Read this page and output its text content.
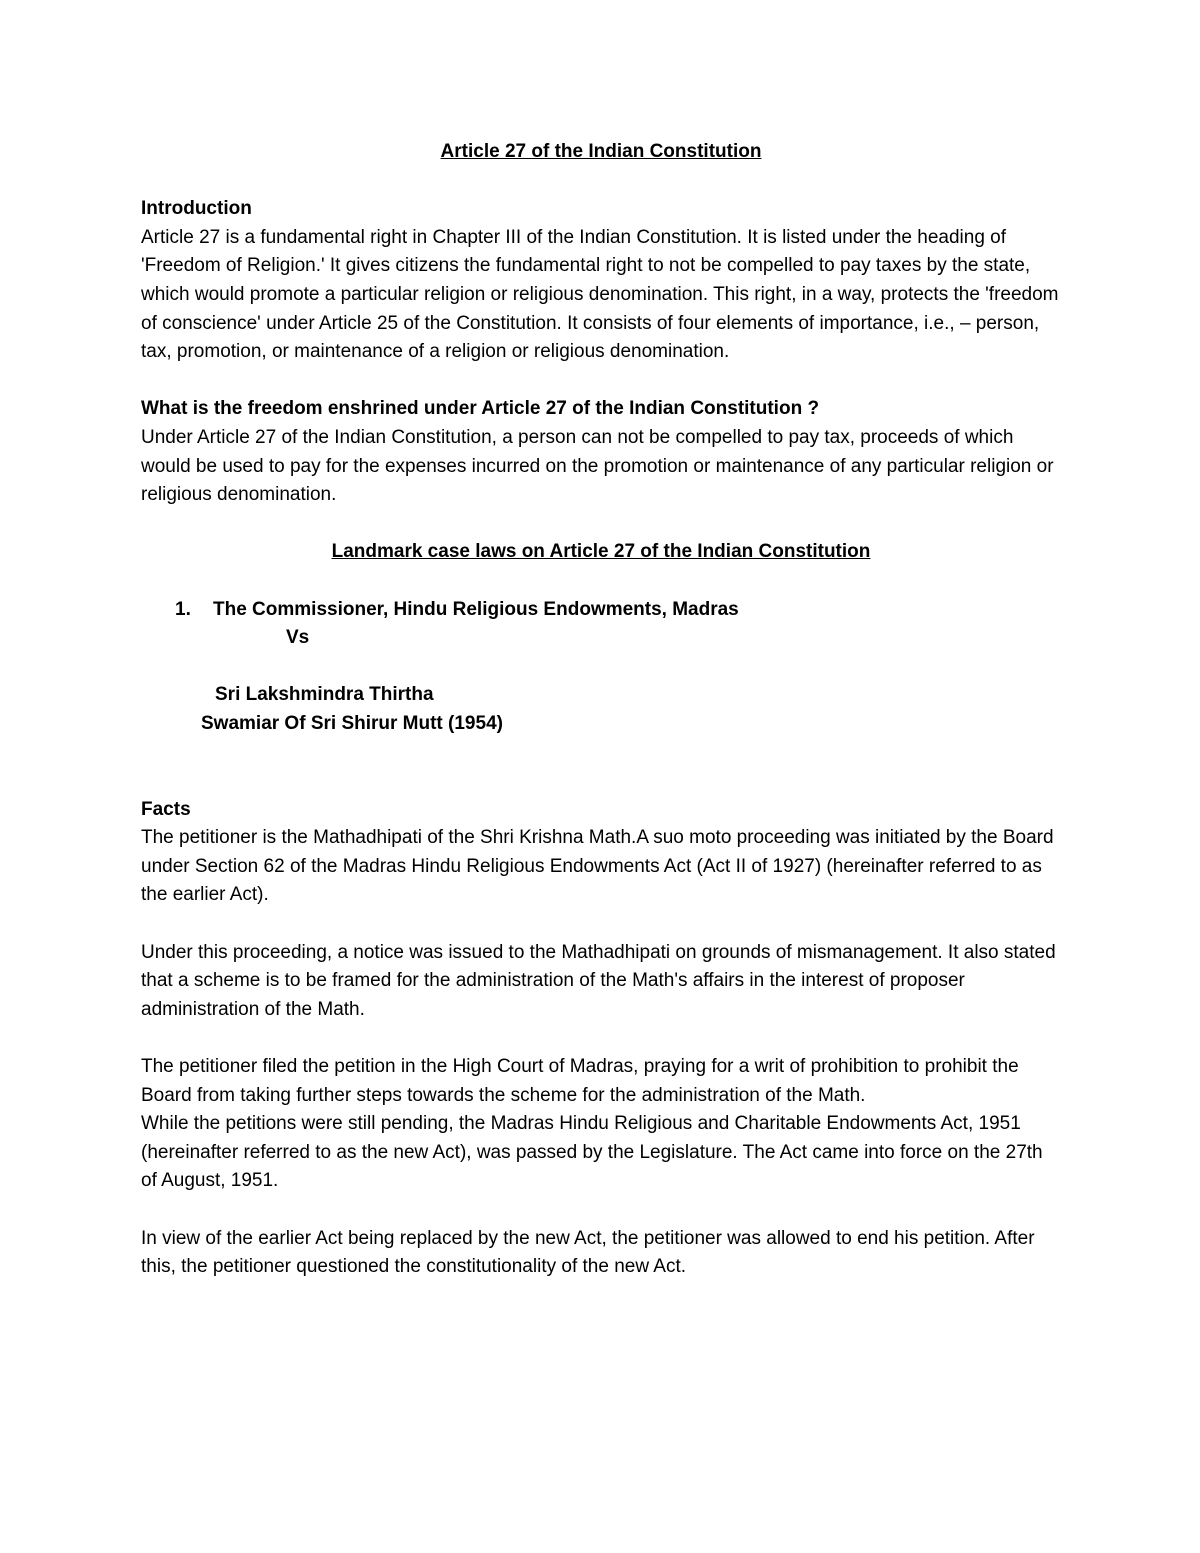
Article 27 of the Indian Constitution

Introduction

Article 27 is a fundamental right in Chapter III of the Indian Constitution. It is listed under the heading of 'Freedom of Religion.' It gives citizens the fundamental right to not be compelled to pay taxes by the state, which would promote a particular religion or religious denomination. This right, in a way, protects the 'freedom of conscience' under Article 25 of the Constitution. It consists of four elements of importance, i.e., – person, tax, promotion, or maintenance of a religion or religious denomination.

What is the freedom enshrined under Article 27 of the Indian Constitution ?

Under Article 27 of the Indian Constitution, a person can not be compelled to pay tax, proceeds of which would be used to pay for the expenses incurred on the promotion or maintenance of any particular religion or religious denomination.

Landmark case laws on Article 27 of the Indian Constitution

1. The Commissioner, Hindu Religious Endowments, Madras

Vs

Sri Lakshmindra Thirtha

Swamiar Of Sri Shirur Mutt (1954)

Facts

The petitioner is the Mathadhipati of the Shri Krishna Math.A suo moto proceeding was initiated by the Board under Section 62 of the Madras Hindu Religious Endowments Act (Act II of 1927) (hereinafter referred to as the earlier Act).

Under this proceeding, a notice was issued to the Mathadhipati on grounds of mismanagement. It also stated that a scheme is to be framed for the administration of the Math's affairs in the interest of proposer administration of the Math.

The petitioner filed the petition in the High Court of Madras, praying for a writ of prohibition to prohibit the Board from taking further steps towards the scheme for the administration of the Math.

While the petitions were still pending, the Madras Hindu Religious and Charitable Endowments Act, 1951 (hereinafter referred to as the new Act), was passed by the Legislature. The Act came into force on the 27th of August, 1951.

In view of the earlier Act being replaced by the new Act, the petitioner was allowed to end his petition. After this, the petitioner questioned the constitutionality of the new Act.
